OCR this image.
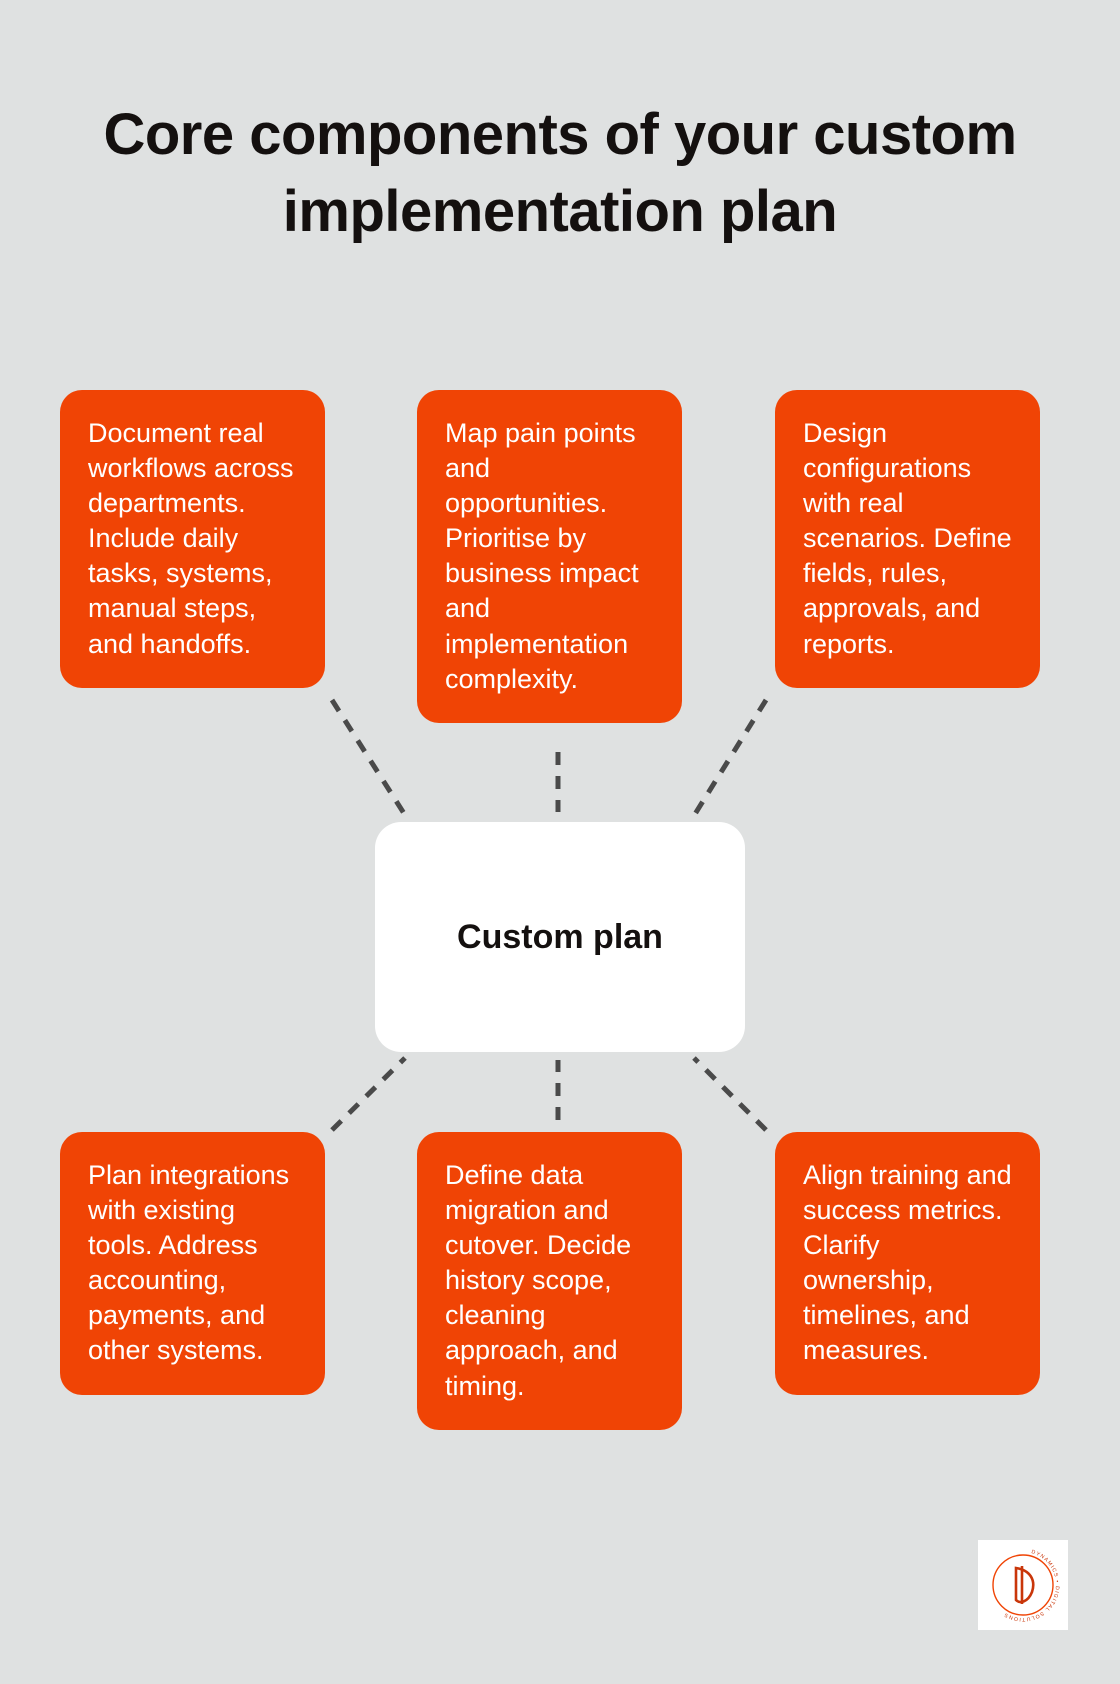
Core components of your custom implementation plan
Document real workflows across departments. Include daily tasks, systems, manual steps, and handoffs.
Map pain points and opportunities. Prioritise by business impact and implementation complexity.
Design configurations with real scenarios. Define fields, rules, approvals, and reports.
Custom plan
Plan integrations with existing tools. Address accounting, payments, and other systems.
Define data migration and cutover. Decide history scope, cleaning approach, and timing.
Align training and success metrics. Clarify ownership, timelines, and measures.
DYNAMICS • DIGITAL SOLUTIONS
